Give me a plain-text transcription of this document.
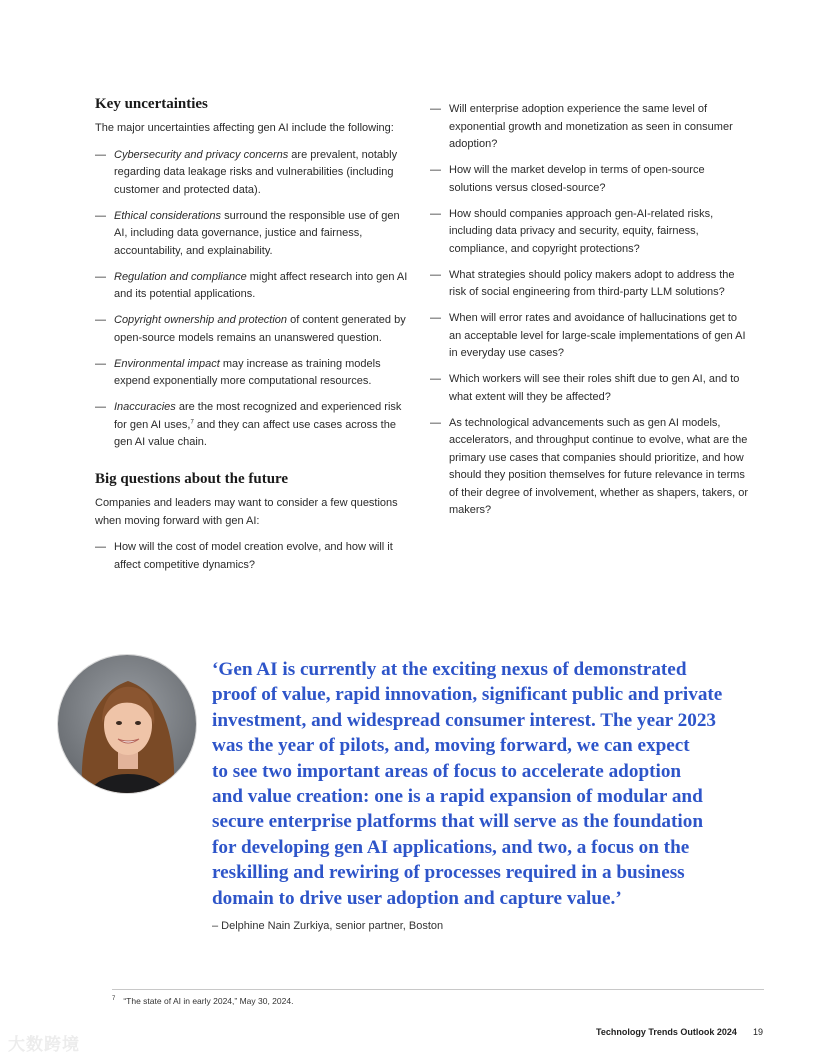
Key uncertainties

The major uncertainties affecting gen AI include the following:

— Cybersecurity and privacy concerns are prevalent, notably regarding data leakage risks and vulnerabilities (including customer and protected data).
— Ethical considerations surround the responsible use of gen AI, including data governance, justice and fairness, accountability, and explainability.
— Regulation and compliance might affect research into gen AI and its potential applications.
— Copyright ownership and protection of content generated by open-source models remains an unanswered question.
— Environmental impact may increase as training models expend exponentially more computational resources.
— Inaccuracies are the most recognized and experienced risk for gen AI uses,$^7$ and they can affect use cases across the gen AI value chain.
Big questions about the future

Companies and leaders may want to consider a few questions when moving forward with gen AI:

— How will the cost of model creation evolve, and how will it affect competitive dynamics?
— Will enterprise adoption experience the same level of exponential growth and monetization as seen in consumer adoption?
— How will the market develop in terms of open-source solutions versus closed-source?
— How should companies approach gen-AI-related risks, including data privacy and security, equity, fairness, compliance, and copyright protections?
— What strategies should policy makers adopt to address the risk of social engineering from third-party LLM solutions?
— When will error rates and avoidance of hallucinations get to an acceptable level for large-scale implementations of gen AI in everyday use cases?
— Which workers will see their roles shift due to gen AI, and to what extent will they be affected?
— As technological advancements such as gen AI models, accelerators, and throughput continue to evolve, what are the primary use cases that companies should prioritize, and how should they position themselves for future relevance in terms of their degree of involvement, whether as shapers, takers, or makers?
‘Gen AI is currently at the exciting nexus of demonstrated
proof of value, rapid innovation, significant public and private
investment, and widespread consumer interest. The year 2023
was the year of pilots, and, moving forward, we can expect
to see two important areas of focus to accelerate adoption
and value creation: one is a rapid expansion of modular and
secure enterprise platforms that will serve as the foundation
for developing gen AI applications, and two, a focus on the
reskilling and rewiring of processes required in a business
domain to drive user adoption and capture value.’
– Delphine Nain Zurkiya, senior partner, Boston
$^7$ “The state of AI in early 2024,” May 30, 2024.
Technology Trends Outlook 2024 19
大数跨境
